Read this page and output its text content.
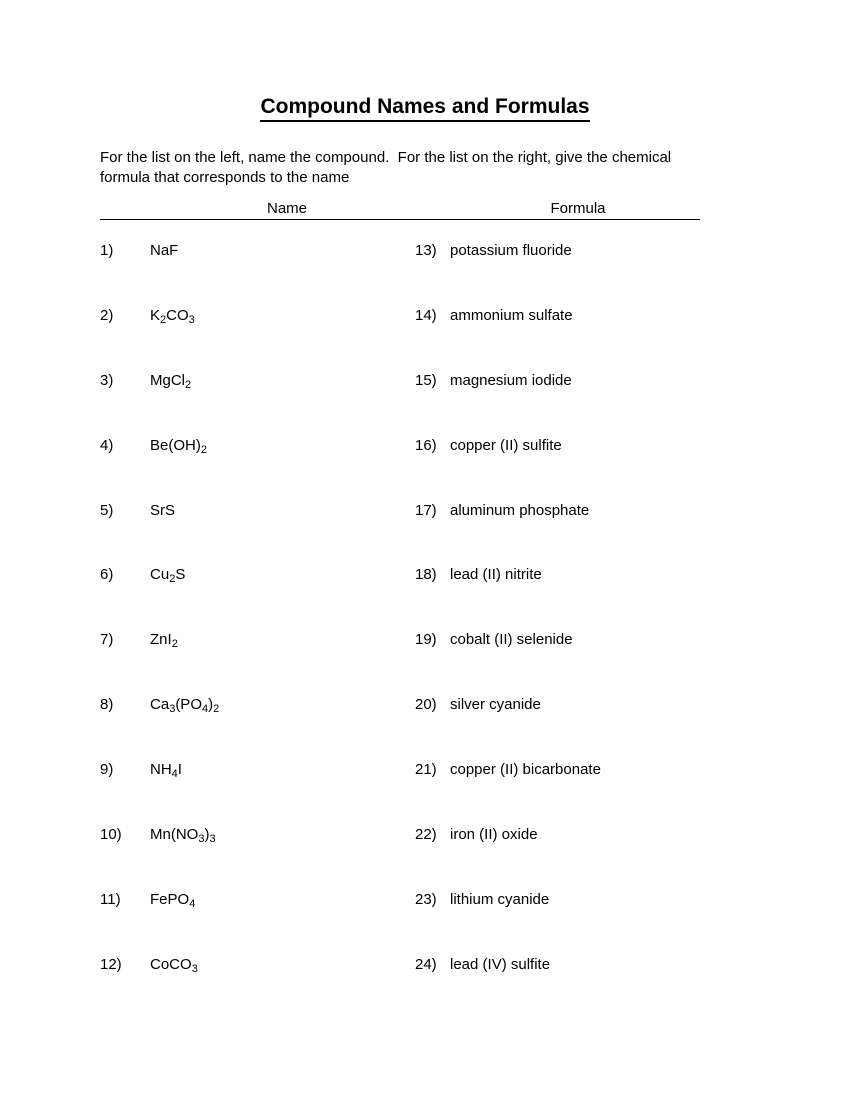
Compound Names and Formulas
For the list on the left, name the compound.  For the list on the right, give the chemical
formula that corresponds to the name
Name	Formula
1) NaF	13) potassium fluoride
2) $K_2CO_3$	14) ammonium sulfate
3) MgCl$_2$	15) magnesium iodide
4) $Be(OH)_2$	16) copper (II) sulfite
5) SrS	17) aluminum phosphate
6) $Cu_2S$	18) lead (II) nitrite
7) ZnI$_2$	19) cobalt (II) selenide
8) $Ca_3(PO_4)_2$	20) silver cyanide
9) $NH_4I$	21) copper (II) bicarbonate
10) $Mn(NO_3)_3$	22) iron (II) oxide
11) FePO$_4$	23) lithium cyanide
12) CoCO$_3$	24) lead (IV) sulfite
